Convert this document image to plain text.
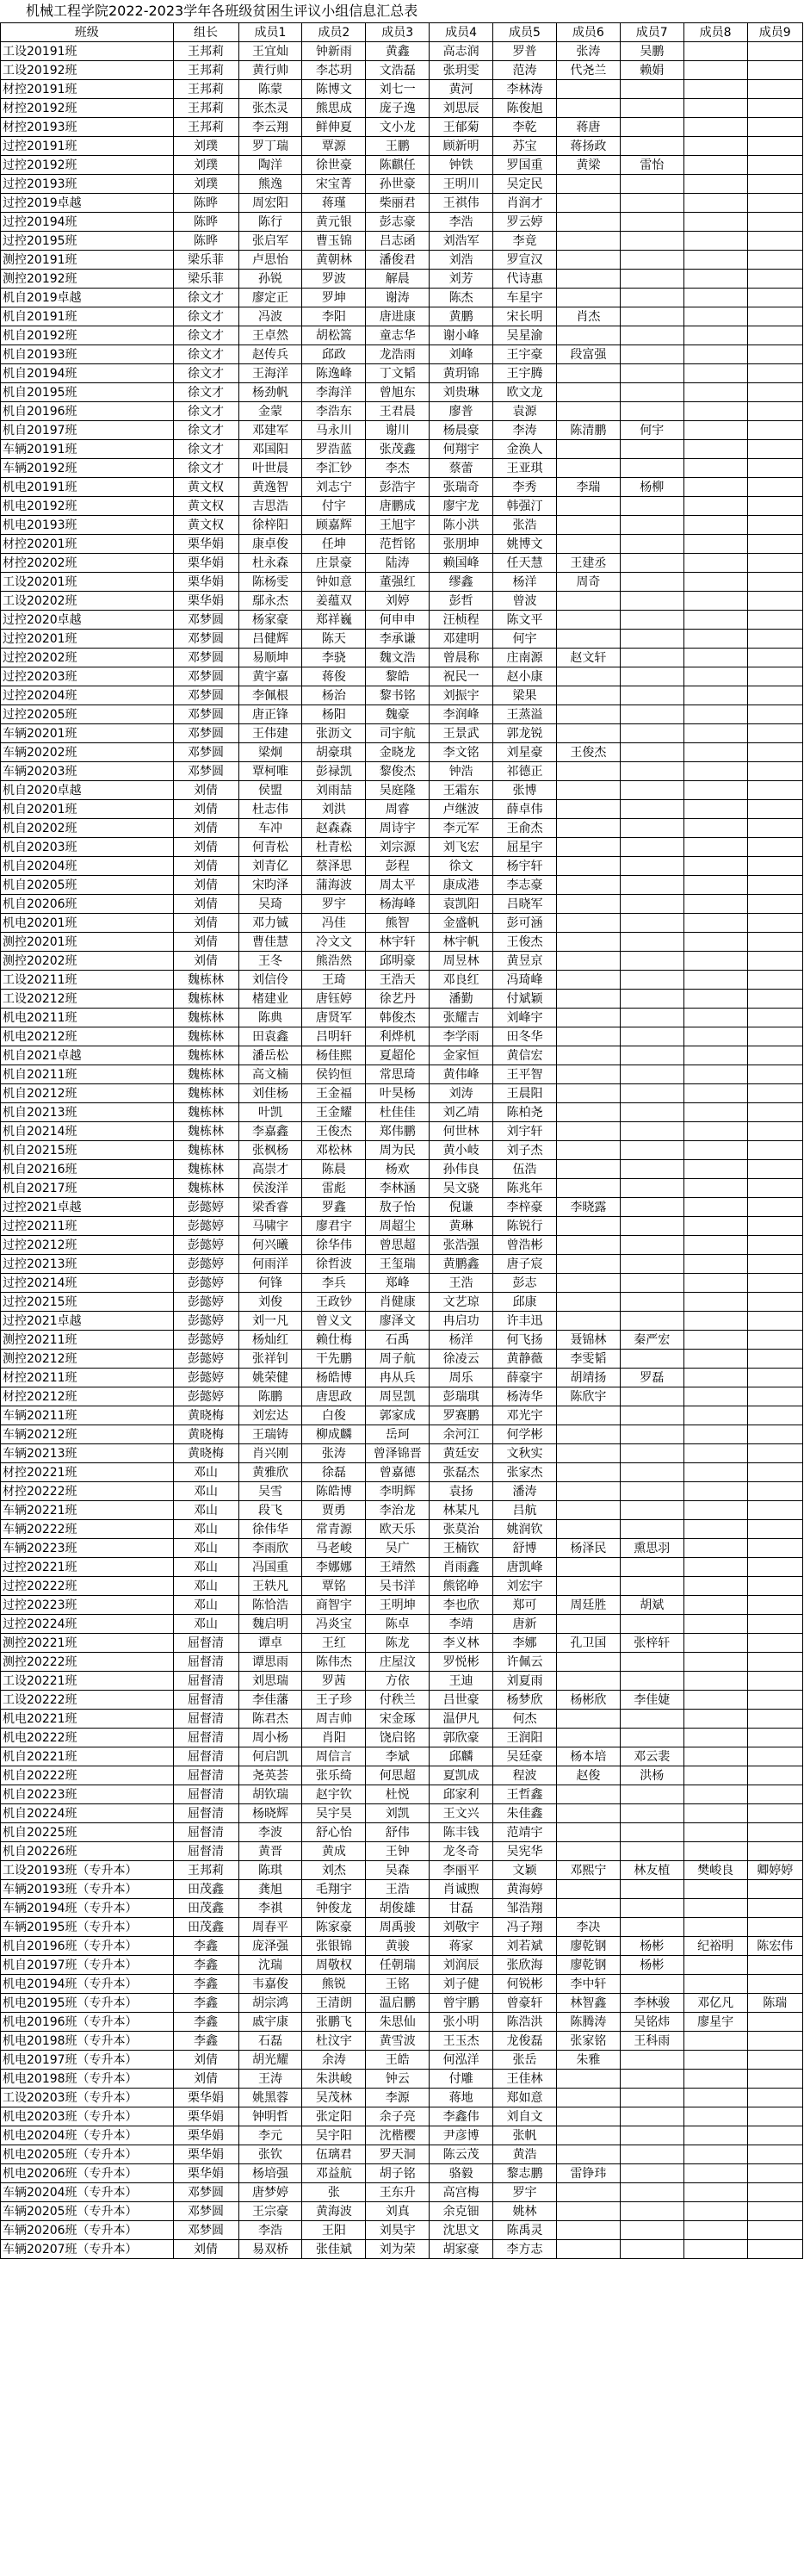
机械工程学院2022-2023学年各班级贫困生评议小组信息汇总表
班级	组长	成员1	成员2	成员3	成员4	成员5	成员6	成员7	成员8	成员9
工设20191班	王邦莉	王宜灿	钟新雨	黄鑫	高志润	罗普	张涛	吴鹏		
工设20192班	王邦莉	黄行帅	李芯玥	文浩磊	张玥雯	范涛	代尧兰	赖娟		
材控20191班	王邦莉	陈蒙	陈博文	刘七一	黄河	李林涛				
材控20192班	王邦莉	张杰灵	熊思成	庞子逸	刘思辰	陈俊旭				
材控20193班	王邦莉	李云翔	鲜伸夏	文小龙	王郁菊	李乾	蒋唐			
过控20191班	刘璞	罗丁瑞	覃源	王鹏	顾新明	苏宝	蒋扬政			
过控20192班	刘璞	陶洋	徐世豪	陈麒任	钟铁	罗国重	黄梁	雷怡		
过控20193班	刘璞	熊逸	宋宝菁	孙世豪	王明川	吴定民				
过控2019卓越	陈晔	周宏阳	蒋瑾	柴丽君	王祺伟	肖润才				
过控20194班	陈晔	陈行	黄元银	彭志豪	李浩	罗云婷				
过控20195班	陈晔	张启军	曹玉锦	吕志函	刘浩军	李竟				
测控20191班	梁乐菲	卢思怡	黄朝林	潘俊君	刘浩	罗宣汉				
测控20192班	梁乐菲	孙锐	罗波	解晨	刘芳	代诗惠				
机自2019卓越	徐文才	廖定正	罗坤	谢涛	陈杰	车星宇				
机自20191班	徐文才	冯波	李阳	唐进康	黄鹏	宋长明	肖杰			
机自20192班	徐文才	王卓然	胡松篙	童志华	谢小峰	吴星渝				
机自20193班	徐文才	赵传兵	邱政	龙浩雨	刘峰	王宇豪	段富强			
机自20194班	徐文才	王海洋	陈逸峰	丁文韬	黄玥锦	王宇腾				
机自20195班	徐文才	杨劲帆	李海洋	曾旭东	刘贵琳	欧文龙				
机自20196班	徐文才	金蒙	李浩东	王君晨	廖普	袁源				
机自20197班	徐文才	邓建军	马永川	谢川	杨晨豪	李涛	陈清鹏	何宇		
车辆20191班	徐文才	邓国阳	罗浩蓝	张茂鑫	何翔宇	金涣人				
车辆20192班	徐文才	叶世晨	李汇钞	李杰	蔡蕾	王亚琪				
机电20191班	黄文权	黄逸智	刘志宁	彭浩宇	张瑞奇	李秀	李瑞	杨柳		
机电20192班	黄文权	吉思浩	付宇	唐鹏成	廖宇龙	韩强汀				
机电20193班	黄文权	徐梓阳	顾嘉辉	王旭宇	陈小洪	张浩				
材控20201班	栗华娟	康卓俊	任坤	范哲铭	张朋坤	姚博文				
材控20202班	栗华娟	杜永森	庄景豪	陆涛	赖国峰	任天慧	王建丞			
工设20201班	栗华娟	陈杨雯	钟如意	董强红	缪鑫	杨洋	周奇			
工设20202班	栗华娟	鄢永杰	姜蕴双	刘婷	彭哲	曾波				
过控2020卓越	邓梦圆	杨家豪	郑祥巍	何申申	汪桢程	陈文平				
过控20201班	邓梦圆	吕健辉	陈天	李承谦	邓建明	何宇				
过控20202班	邓梦圆	易顺坤	李骁	魏文浩	曾晨称	庄南源	赵文轩			
过控20203班	邓梦圆	黄宇嘉	蒋俊	黎皓	祝民一	赵小康				
过控20204班	邓梦圆	李佩根	杨治	黎书铭	刘振宇	梁果				
过控20205班	邓梦圆	唐正锋	杨阳	魏豪	李润峰	王蒸溢				
车辆20201班	邓梦圆	王伟建	张沥文	司宇航	王景武	郭龙锐				
车辆20202班	邓梦圆	梁炯	胡豪琪	金晓龙	李文铭	刘星豪	王俊杰			
车辆20203班	邓梦圆	覃柯唯	彭禄凯	黎俊杰	钟浩	祁德正				
机自2020卓越	刘倩	侯盟	刘雨喆	吴庭隆	王霜东	张博				
机自20201班	刘倩	杜志伟	刘洪	周睿	卢继波	薛卓伟				
机自20202班	刘倩	车冲	赵森森	周诗宇	李元军	王俞杰				
机自20203班	刘倩	何青松	杜青松	刘宗源	刘飞宏	屈星宇				
机自20204班	刘倩	刘青亿	蔡泽思	彭程	徐文	杨宇轩				
机自20205班	刘倩	宋昀泽	蒲海波	周太平	康成港	李志豪				
机自20206班	刘倩	吴琦	罗宇	杨海峰	袁凯阳	吕晓军				
机电20201班	刘倩	邓力铖	冯佳	熊智	金盛帆	彭可涵				
测控20201班	刘倩	曹佳慧	冷文文	林宇轩	林宇帆	王俊杰				
测控20202班	刘倩	王冬	熊浩然	邱明豪	周昱林	黄昱京				
工设20211班	魏栋林	刘信伶	王琦	王浩天	邓良红	冯琦峰				
工设20212班	魏栋林	楮建业	唐钰婷	徐艺丹	潘勤	付斌颖				
机电20211班	魏栋林	陈典	唐贤军	韩俊杰	张耀吉	刘峰宇				
机电20212班	魏栋林	田袁鑫	吕明轩	利烨机	李学雨	田冬华				
机自2021卓越	魏栋林	潘岳松	杨佳熙	夏超伦	金家恒	黄信宏				
机自20211班	魏栋林	高文楠	侯钧恒	常思琦	黄伟峰	王平智				
机自20212班	魏栋林	刘佳杨	王金福	叶昊杨	刘涛	王晨阳				
机自20213班	魏栋林	叶凯	王金耀	杜佳佳	刘乙靖	陈柏尧				
机自20214班	魏栋林	李嘉鑫	王俊杰	郑伟鹏	何世林	刘宇轩				
机自20215班	魏栋林	张枫杨	邓松林	周为民	黄小岐	刘子杰				
机自20216班	魏栋林	高崇才	陈晨	杨欢	孙伟良	伍浩				
机自20217班	魏栋林	侯浚洋	雷彪	李林涵	吴文骁	陈兆年				
过控2021卓越	彭懿婷	梁香睿	罗鑫	敖子怡	倪谦	李梓豪	李晓露			
过控20211班	彭懿婷	马啸宇	廖君宇	周超尘	黄琳	陈锐行				
过控20212班	彭懿婷	何兴曦	徐华伟	曾思超	张浩强	曾浩彬				
过控20213班	彭懿婷	何雨洋	徐哲波	王玺瑞	黄鹏鑫	唐子宸				
过控20214班	彭懿婷	何锋	李兵	郑峰	王浩	彭志				
过控20215班	彭懿婷	刘俊	王政钞	肖健康	文艺琼	邱康				
过控2021卓越	彭懿婷	刘一凡	曾义文	廖泽文	冉启功	许丰迅				
测控20211班	彭懿婷	杨灿红	赖仕梅	石禹	杨洋	何飞扬	聂锦林	秦严宏		
测控20212班	彭懿婷	张祥钊	干先鹏	周子航	徐凌云	黄静薇	李雯韬			
材控20211班	彭懿婷	姚荣健	杨皓博	冉从兵	周乐	薛豪宇	胡靖扬	罗磊		
材控20212班	彭懿婷	陈鹏	唐思政	周昱凯	彭瑞琪	杨涛华	陈欣宇			
车辆20211班	黄晓梅	刘宏达	白俊	郭家成	罗赛鹏	邓光宇				
车辆20212班	黄晓梅	王瑞铸	柳成麟	岳珂	余河江	何学彬				
车辆20213班	黄晓梅	肖兴刚	张涛	曾泽锦晋	黄廷安	文秋实				
材控20221班	邓山	黄雅欣	徐磊	曾嘉德	张磊杰	张家杰				
材控20222班	邓山	吴雪	陈皓博	李明辉	袁扬	潘涛				
车辆20221班	邓山	段飞	贾勇	李治龙	林某凡	吕航				
车辆20222班	邓山	徐伟华	常青源	欧天乐	张莫治	姚润钦				
车辆20223班	邓山	李雨欣	马老峻	吴广	王楠钦	舒博	杨泽民	熏思羽		
过控20221班	邓山	冯国重	李娜娜	王靖然	肖雨鑫	唐凯峰				
过控20222班	邓山	王轶凡	覃铭	吴书洋	熊铭峥	刘宏宇				
过控20223班	邓山	陈恰浩	商智宇	王明坤	李也欣	郑可	周廷胜	胡斌		
过控20224班	邓山	魏启明	冯炎宝	陈卓	李靖	唐新				
测控20221班	屈督清	谭卓	王红	陈龙	李义林	李娜	孔卫国	张梓轩		
测控20222班	屈督清	谭思雨	陈伟杰	庄屋汶	罗悦彬	许佩云				
工设20221班	屈督清	刘思瑞	罗茜	方依	王迪	刘夏雨				
工设20222班	屈督清	李佳藩	王子珍	付秩兰	吕世豪	杨梦欣	杨彬欣	李佳婕		
机电20221班	屈督清	陈君杰	周吉帅	宋金琢	温伊凡	何杰				
机电20222班	屈督清	周小杨	肖阳	饶启铭	郭欣豪	王润阳				
机自20221班	屈督清	何启凯	周信言	李斌	邱麟	吴廷豪	杨本培	邓云裴		
机自20222班	屈督清	尧英荟	张乐绮	何思超	夏凯成	程波	赵俊	洪杨		
机自20223班	屈督清	胡钦瑞	赵宇钦	杜悦	邱家利	王哲鑫				
机自20224班	屈督清	杨晓辉	吴宇昊	刘凯	王文兴	朱佳鑫				
机自20225班	屈督清	李波	舒心怡	舒伟	陈丰钱	范靖宇				
机自20226班	屈督清	黄晋	黄成	王钟	龙冬奇	吴宪华				
工设20193班（专升本）	王邦莉	陈琪	刘杰	吴森	李丽平	文颖	邓熙宁	林友植	樊峻良	卿婷婷
车辆20193班（专升本）	田茂鑫	龚旭	毛翔宇	王浩	肖诚煦	黄海婷				
车辆20194班（专升本）	田茂鑫	李祺	钟俊龙	胡俊雄	甘磊	邹浩翔				
车辆20195班（专升本）	田茂鑫	周春平	陈家豪	周禹骏	刘敬宇	冯子翔	李决			
机自20196班（专升本）	李鑫	庞泽强	张银锦	黄骏	蒋家	刘若斌	廖乾钢	杨彬	纪裕明	陈宏伟
机自20197班（专升本）	李鑫	沈瑞	周敬权	任朝瑞	刘润辰	张欣海	廖乾钢	杨彬		
机电20194班（专升本）	李鑫	韦嘉俊	熊锐	王铭	刘子健	何锐彬	李中轩			
机电20195班（专升本）	李鑫	胡宗鸿	王清朗	温启鹏	曾宇鹏	曾豪轩	林智鑫	李林骏	邓亿凡	陈瑞
机电20196班（专升本）	李鑫	戚宇康	张鹏飞	朱思仙	张小明	陈浩洪	陈腾涛	吴铭炜	廖星宇	
机电20198班（专升本）	李鑫	石磊	杜汶宇	黄雪波	王玉杰	龙俊磊	张家铭	王科雨		
机电20197班（专升本）	刘倩	胡光耀	余涛	王皓	何泓洋	张岳	朱雅			
机电20198班（专升本）	刘倩	王涛	朱洪峻	钟云	付雕	王佳林				
工设20203班（专升本）	栗华娟	姚黑蓉	吴茂林	李源	蒋地	郑如意				
机电20203班（专升本）	栗华娟	钟明哲	张定阳	余子亮	李鑫伟	刘自文				
机电20204班（专升本）	栗华娟	李元	吴宇阳	沈楷樱	尹彦博	张帆				
机电20205班（专升本）	栗华娟	张钦	伍璃君	罗天洞	陈云茂	黄浩				
机电20206班（专升本）	栗华娟	杨培强	邓益航	胡子铭	骆毅	黎志鹏	雷铮玮			
车辆20204班（专升本）	邓梦圆	唐梦婷	张	王东升	高宫梅	罗宇				
车辆20205班（专升本）	邓梦圆	王宗豪	黄海波	刘真	余克钿	姚林				
车辆20206班（专升本）	邓梦圆	李浩	王阳	刘昊宇	沈思文	陈禹灵				
车辆20207班（专升本）	刘倩	易双桥	张佳斌	刘为荣	胡家豪	李方志				
